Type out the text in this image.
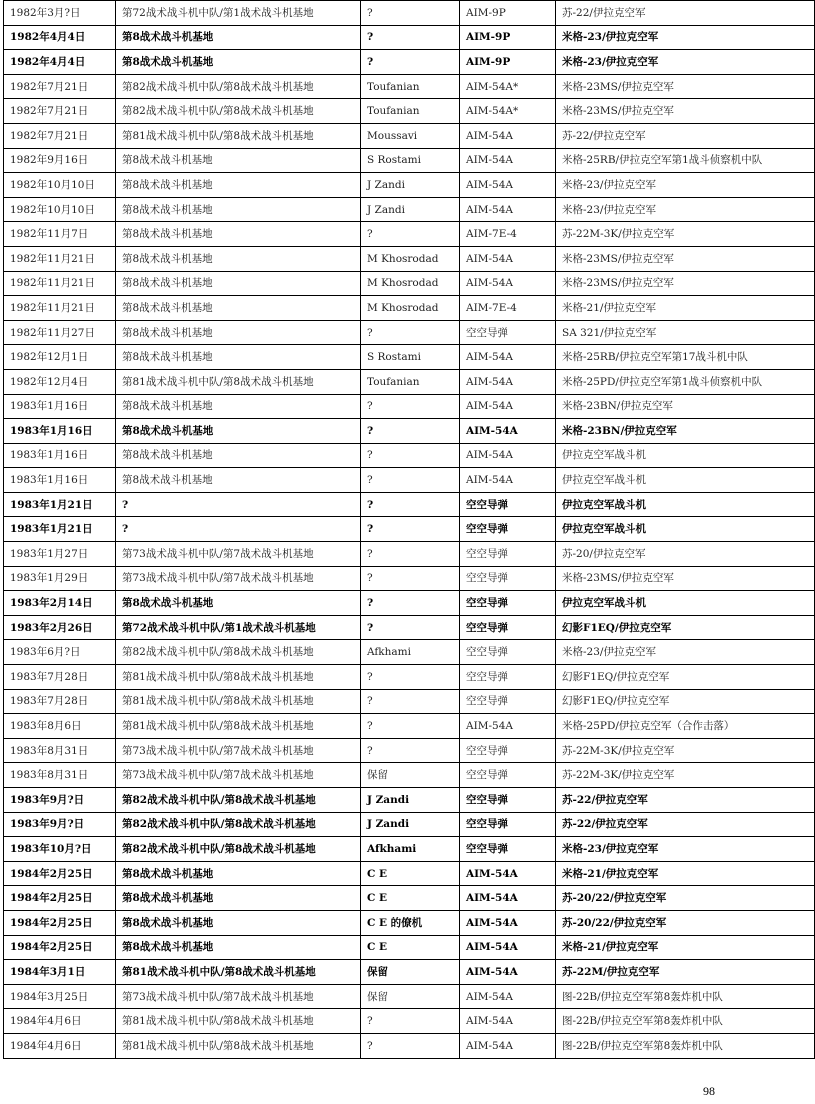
1982年3月?日	第72战术战斗机中队/第1战术战斗机基地	?	AIM-9P	苏-22/伊拉克空军
1982年4月4日	第8战术战斗机基地	?	AIM-9P	米格-23/伊拉克空军
1982年4月4日	第8战术战斗机基地	?	AIM-9P	米格-23/伊拉克空军
1982年7月21日	第82战术战斗机中队/第8战术战斗机基地	Toufanian	AIM-54A*	米格-23MS/伊拉克空军
1982年7月21日	第82战术战斗机中队/第8战术战斗机基地	Toufanian	AIM-54A*	米格-23MS/伊拉克空军
1982年7月21日	第81战术战斗机中队/第8战术战斗机基地	Moussavi	AIM-54A	苏-22/伊拉克空军
1982年9月16日	第8战术战斗机基地	S Rostami	AIM-54A	米格-25RB/伊拉克空军第1战斗侦察机中队
1982年10月10日	第8战术战斗机基地	J Zandi	AIM-54A	米格-23/伊拉克空军
1982年10月10日	第8战术战斗机基地	J Zandi	AIM-54A	米格-23/伊拉克空军
1982年11月7日	第8战术战斗机基地	?	AIM-7E-4	苏-22M-3K/伊拉克空军
1982年11月21日	第8战术战斗机基地	M Khosrodad	AIM-54A	米格-23MS/伊拉克空军
1982年11月21日	第8战术战斗机基地	M Khosrodad	AIM-54A	米格-23MS/伊拉克空军
1982年11月21日	第8战术战斗机基地	M Khosrodad	AIM-7E-4	米格-21/伊拉克空军
1982年11月27日	第8战术战斗机基地	?	空空导弹	SA 321/伊拉克空军
1982年12月1日	第8战术战斗机基地	S Rostami	AIM-54A	米格-25RB/伊拉克空军第17战斗机中队
1982年12月4日	第81战术战斗机中队/第8战术战斗机基地	Toufanian	AIM-54A	米格-25PD/伊拉克空军第1战斗侦察机中队
1983年1月16日	第8战术战斗机基地	?	AIM-54A	米格-23BN/伊拉克空军
1983年1月16日	第8战术战斗机基地	?	AIM-54A	米格-23BN/伊拉克空军
1983年1月16日	第8战术战斗机基地	?	AIM-54A	伊拉克空军战斗机
1983年1月16日	第8战术战斗机基地	?	AIM-54A	伊拉克空军战斗机
1983年1月21日	?	?	空空导弹	伊拉克空军战斗机
1983年1月21日	?	?	空空导弹	伊拉克空军战斗机
1983年1月27日	第73战术战斗机中队/第7战术战斗机基地	?	空空导弹	苏-20/伊拉克空军
1983年1月29日	第73战术战斗机中队/第7战术战斗机基地	?	空空导弹	米格-23MS/伊拉克空军
1983年2月14日	第8战术战斗机基地	?	空空导弹	伊拉克空军战斗机
1983年2月26日	第72战术战斗机中队/第1战术战斗机基地	?	空空导弹	幻影F1EQ/伊拉克空军
1983年6月?日	第82战术战斗机中队/第8战术战斗机基地	Afkhami	空空导弹	米格-23/伊拉克空军
1983年7月28日	第81战术战斗机中队/第8战术战斗机基地	?	空空导弹	幻影F1EQ/伊拉克空军
1983年7月28日	第81战术战斗机中队/第8战术战斗机基地	?	空空导弹	幻影F1EQ/伊拉克空军
1983年8月6日	第81战术战斗机中队/第8战术战斗机基地	?	AIM-54A	米格-25PD/伊拉克空军（合作击落）
1983年8月31日	第73战术战斗机中队/第7战术战斗机基地	?	空空导弹	苏-22M-3K/伊拉克空军
1983年8月31日	第73战术战斗机中队/第7战术战斗机基地	保留	空空导弹	苏-22M-3K/伊拉克空军
1983年9月?日	第82战术战斗机中队/第8战术战斗机基地	J Zandi	空空导弹	苏-22/伊拉克空军
1983年9月?日	第82战术战斗机中队/第8战术战斗机基地	J Zandi	空空导弹	苏-22/伊拉克空军
1983年10月?日	第82战术战斗机中队/第8战术战斗机基地	Afkhami	空空导弹	米格-23/伊拉克空军
1984年2月25日	第8战术战斗机基地	C E	AIM-54A	米格-21/伊拉克空军
1984年2月25日	第8战术战斗机基地	C E	AIM-54A	苏-20/22/伊拉克空军
1984年2月25日	第8战术战斗机基地	C E 的僚机	AIM-54A	苏-20/22/伊拉克空军
1984年2月25日	第8战术战斗机基地	C E	AIM-54A	米格-21/伊拉克空军
1984年3月1日	第81战术战斗机中队/第8战术战斗机基地	保留	AIM-54A	苏-22M/伊拉克空军
1984年3月25日	第73战术战斗机中队/第7战术战斗机基地	保留	AIM-54A	图-22B/伊拉克空军第8轰炸机中队
1984年4月6日	第81战术战斗机中队/第8战术战斗机基地	?	AIM-54A	图-22B/伊拉克空军第8轰炸机中队
1984年4月6日	第81战术战斗机中队/第8战术战斗机基地	?	AIM-54A	图-22B/伊拉克空军第8轰炸机中队
98
